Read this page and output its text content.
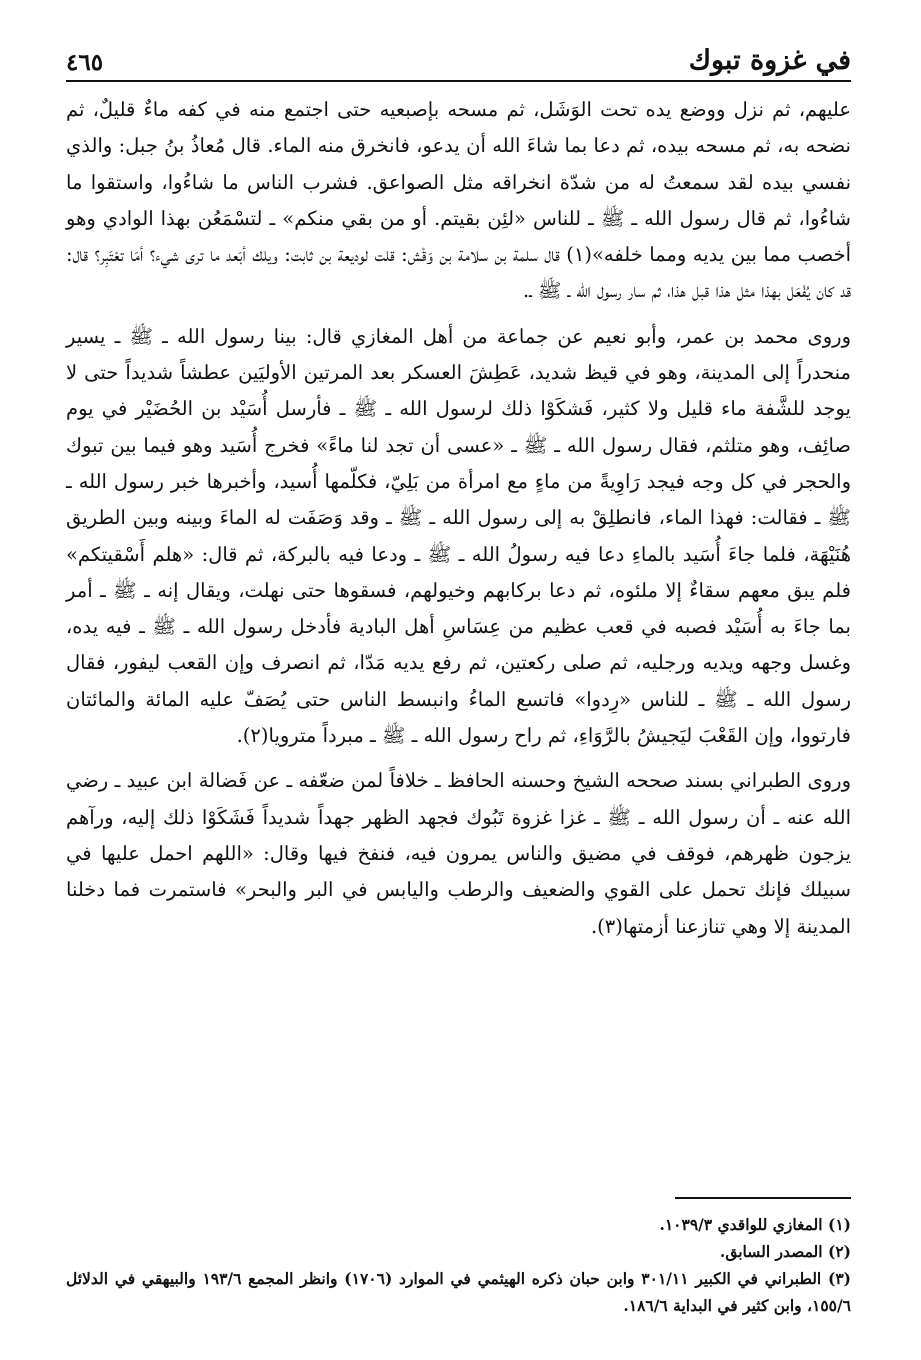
في غزوة تبوك
٤٦٥

عليهم، ثم نزل ووضع يده تحت الوَشَل، ثم مسحه بإصبعيه حتى اجتمع منه في كفه ماءٌ قليلٌ، ثم نضحه به، ثم مسحه بيده، ثم دعا بما شاءَ الله أن يدعو، فانخرق منه الماء. قال مُعاذُ بنُ جبل: والذي نفسي بيده لقد سمعتُ له من شدّة انخراقه مثل الصواعق. فشرب الناس ما شاءُوا، واستقوا ما شاءُوا، ثم قال رسول الله ـ ﷺ ـ للناس «لئِن بقيتم. أو من بقي منكم» ـ لتسْمَعُن بهذا الوادي وهو أخصب مما بين يديه ومما خلفه»(١) قال سلمة بن سلامة بن وَقْش: قلت لوديعة بن ثابت: ويلك أبَعد ما ترى شيء؟ أمَا تعْتَبِر؟ قال: قد كان يُفْعَل بهذا مثل هذا قبل هذا، ثم سار رسول الله ـ ﷺ ـ.

وروى محمد بن عمر، وأبو نعيم عن جماعة من أهل المغازي قال: بينا رسول الله ـ ﷺ ـ يسير منحدراً إلى المدينة، وهو في قيظ شديد، عَطِشَ العسكر بعد المرتين الأوليَين عطشاً شديداً حتى لا يوجد للشَّفة ماء قليل ولا كثير، فَشكَوْا ذلك لرسول الله ـ ﷺ ـ فأرسل أُسَيْد بن الحُضَيْر في يوم صائِف، وهو متلثم، فقال رسول الله ـ ﷺ ـ «عسى أن تجد لنا ماءً» فخرج أُسَيد وهو فيما بين تبوك والحجر في كل وجه فيجد رَاوِيةً من ماءٍ مع امرأة من بَلِيّ، فكلّمها أُسيد، وأخبرها خبر رسول الله ـ ﷺ ـ فقالت: فهذا الماء، فانطلِقْ به إلى رسول الله ـ ﷺ ـ وقد وَصَفَت له الماءَ وبينه وبين الطريق هُنَيْهَة، فلما جاءَ أُسَيد بالماءِ دعا فيه رسولُ الله ـ ﷺ ـ ودعا فيه بالبركة، ثم قال: «هلم أَسْقيتكم» فلم يبق معهم سقاءٌ إلا ملئوه، ثم دعا بركابهم وخيولهم، فسقوها حتى نهلت، ويقال إنه ـ ﷺ ـ أمر بما جاءَ به أُسَيْد فصبه في قعب عظيم من عِسَاسِ أهل البادية فأدخل رسول الله ـ ﷺ ـ فيه يده، وغسل وجهه ويديه ورجليه، ثم صلى ركعتين، ثم رفع يديه مَدّا، ثم انصرف وإن القعب ليفور، فقال رسول الله ـ ﷺ ـ للناس «رِدوا» فاتسع الماءُ وانبسط الناس حتى يُصَفّ عليه المائة والمائتان فارتووا، وإن القَعْبَ ليَجيشُ بالرَّوَاءِ، ثم راح رسول الله ـ ﷺ ـ مبرداً مترويا(٢).

وروى الطبراني بسند صححه الشيخ وحسنه الحافظ ـ خلافاً لمن ضعّفه ـ عن فَضالة ابن عبيد ـ رضي الله عنه ـ أن رسول الله ـ ﷺ ـ غزا غزوة تَبُوك فجهد الظهر جهداً شديداً فَشَكَوْا ذلك إليه، ورآهم يزجون ظهرهم، فوقف في مضيق والناس يمرون فيه، فنفخ فيها وقال: «اللهم احمل عليها في سبيلك فإنك تحمل على القوي والضعيف والرطب واليابس في البر والبحر» فاستمرت فما دخلنا المدينة إلا وهي تنازعنا أزمتها(٣).

(١) المغازي للواقدي ١٠٣٩/٣.

(٢) المصدر السابق.

(٣) الطبراني في الكبير ٣٠١/١١ وابن حبان ذكره الهيثمي في الموارد (١٧٠٦) وانظر المجمع ١٩٣/٦ والبيهقي في الدلائل ١٥٥/٦، وابن كثير في البداية ١٨٦/٦.
